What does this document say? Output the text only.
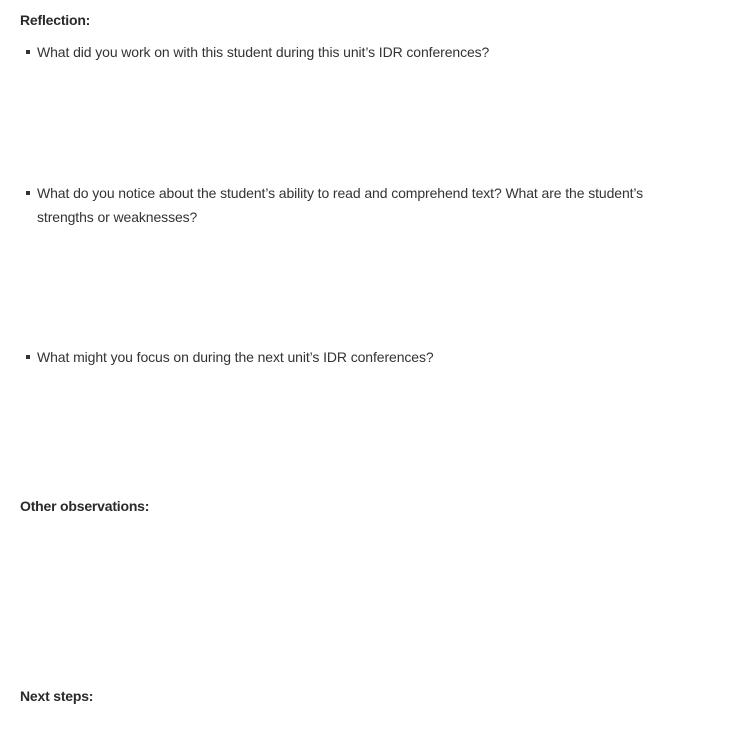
Reflection:

What did you work on with this student during this unit’s IDR conferences?

What do you notice about the student’s ability to read and comprehend text? What are the student’s strengths or weaknesses?

What might you focus on during the next unit’s IDR conferences?

Other observations:
Next steps:
